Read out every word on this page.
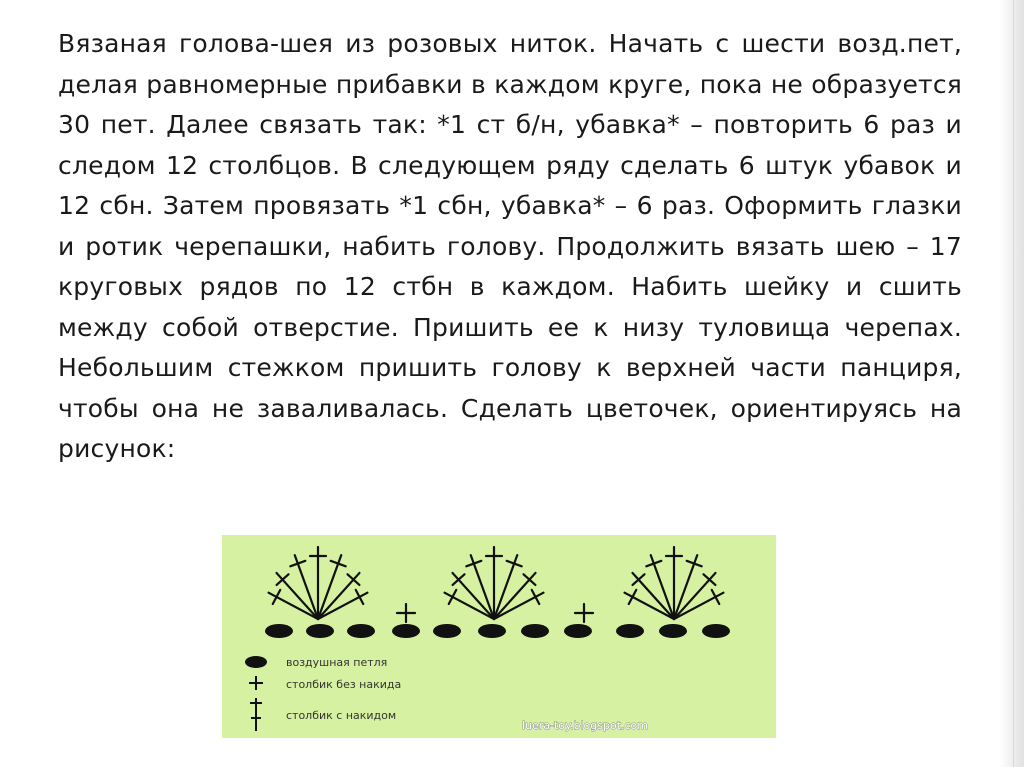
Вязаная голова-шея из розовых ниток. Начать с шести возд.пет, делая равномерные прибавки в каждом круге, пока не образуется 30 пет. Далее связать так: *1 ст б/н, убавка* – повторить 6 раз и следом 12 столбцов. В следующем ряду сделать 6 штук убавок и 12 сбн. Затем провязать *1 сбн, убавка* – 6 раз. Оформить глазки и ротик черепашки, набить голову. Продолжить вязать шею – 17 круговых рядов по 12 стбн в каждом. Набить шейку и сшить между собой отверстие. Пришить ее к низу туловища черепах. Небольшим стежком пришить голову к верхней части панциря, чтобы она не заваливалась. Сделать цветочек, ориентируясь на рисунок:

воздушная петля
столбик без накида
столбик с накидом
luera-toy.blogspot.com
